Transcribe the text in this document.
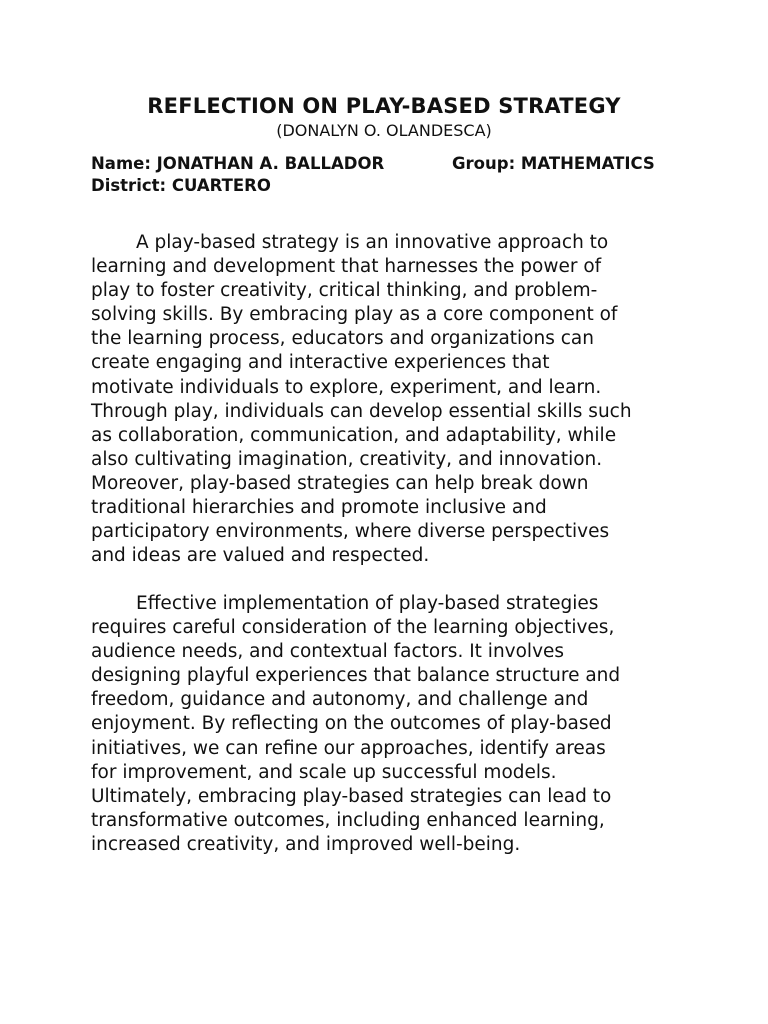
REFLECTION ON PLAY-BASED STRATEGY
(DONALYN O. OLANDESCA)
Name: JONATHAN A. BALLADOR	Group: MATHEMATICS
District: CUARTERO
A play-based strategy is an innovative approach to
learning and development that harnesses the power of
play to foster creativity, critical thinking, and problem-
solving skills. By embracing play as a core component of
the learning process, educators and organizations can
create engaging and interactive experiences that
motivate individuals to explore, experiment, and learn.
Through play, individuals can develop essential skills such
as collaboration, communication, and adaptability, while
also cultivating imagination, creativity, and innovation.
Moreover, play-based strategies can help break down
traditional hierarchies and promote inclusive and
participatory environments, where diverse perspectives
and ideas are valued and respected.
Effective implementation of play-based strategies
requires careful consideration of the learning objectives,
audience needs, and contextual factors. It involves
designing playful experiences that balance structure and
freedom, guidance and autonomy, and challenge and
enjoyment. By reflecting on the outcomes of play-based
initiatives, we can refine our approaches, identify areas
for improvement, and scale up successful models.
Ultimately, embracing play-based strategies can lead to
transformative outcomes, including enhanced learning,
increased creativity, and improved well-being.
